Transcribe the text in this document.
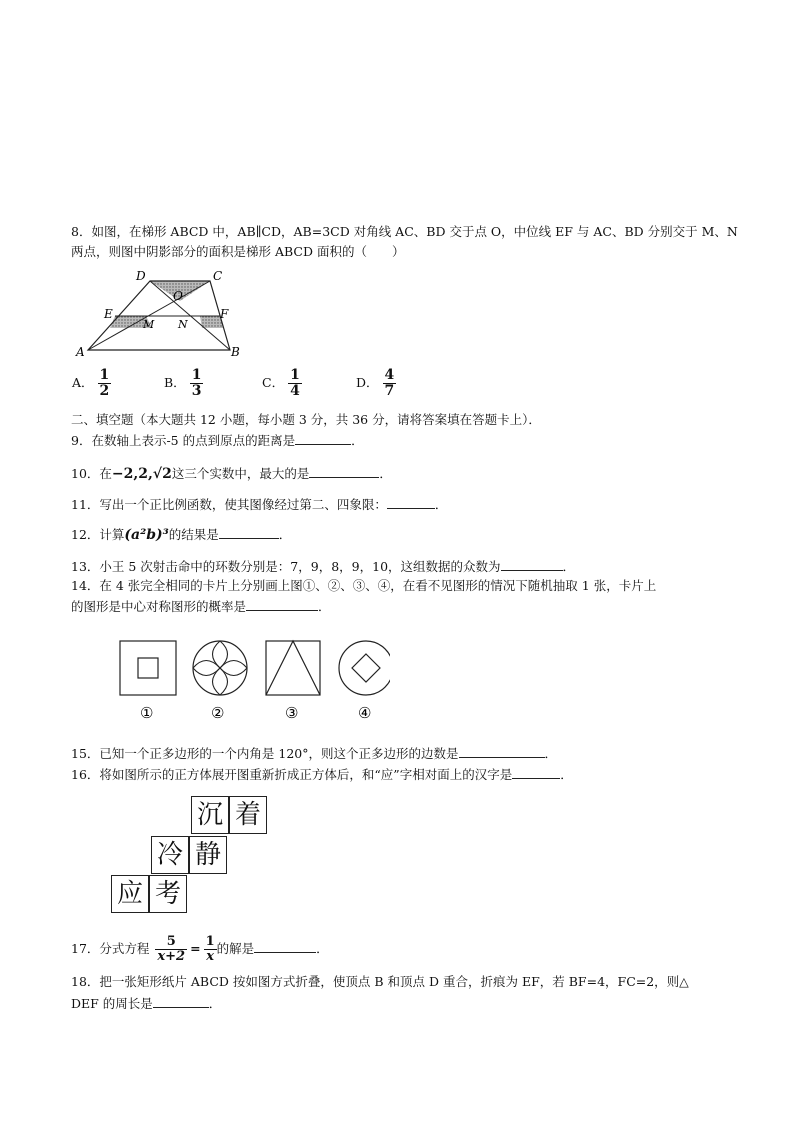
8．如图，在梯形 ABCD 中，AB∥CD，AB=3CD 对角线 AC、BD 交于点 O，中位线 EF 与 AC、BD 分别交于 M、N
两点，则图中阴影部分的面积是梯形 ABCD 面积的（　　）
D	C
O
E	F
M N
A	B
A． $\frac{1}{2}$	B． $\frac{1}{3}$	C． $\frac{1}{4}$	D． $\frac{4}{7}$
二、填空题（本大题共 12 小题，每小题 3 分，共 36 分，请将答案填在答题卡上）．
9．在数轴上表示-5 的点到原点的距离是	．
10．在−2,2,√2这三个实数中，最大的是	．
11．写出一个正比例函数，使其图像经过第二、四象限：	．
12．计算(a²b)³的结果是	．
13．小王 5 次射击命中的环数分别是：7，9，8，9，10，这组数据的众数为	．
14．在 4 张完全相同的卡片上分别画上图①、②、③、④，在看不见图形的情况下随机抽取 1 张，卡片上
的图形是中心对称图形的概率是	．
①	②	③	④
15．已知一个正多边形的一个内角是 120°，则这个正多边形的边数是	．
16．将如图所示的正方体展开图重新折成正方体后，和“应”字相对面上的汉字是	．
沉 着
冷 静
应 考
17．分式方程 $\frac{5}{x+2} = \frac{1}{x}$ 的解是	．
18．把一张矩形纸片 ABCD 按如图方式折叠，使顶点 B 和顶点 D 重合，折痕为 EF，若 BF=4，FC=2，则△
DEF 的周长是	．
